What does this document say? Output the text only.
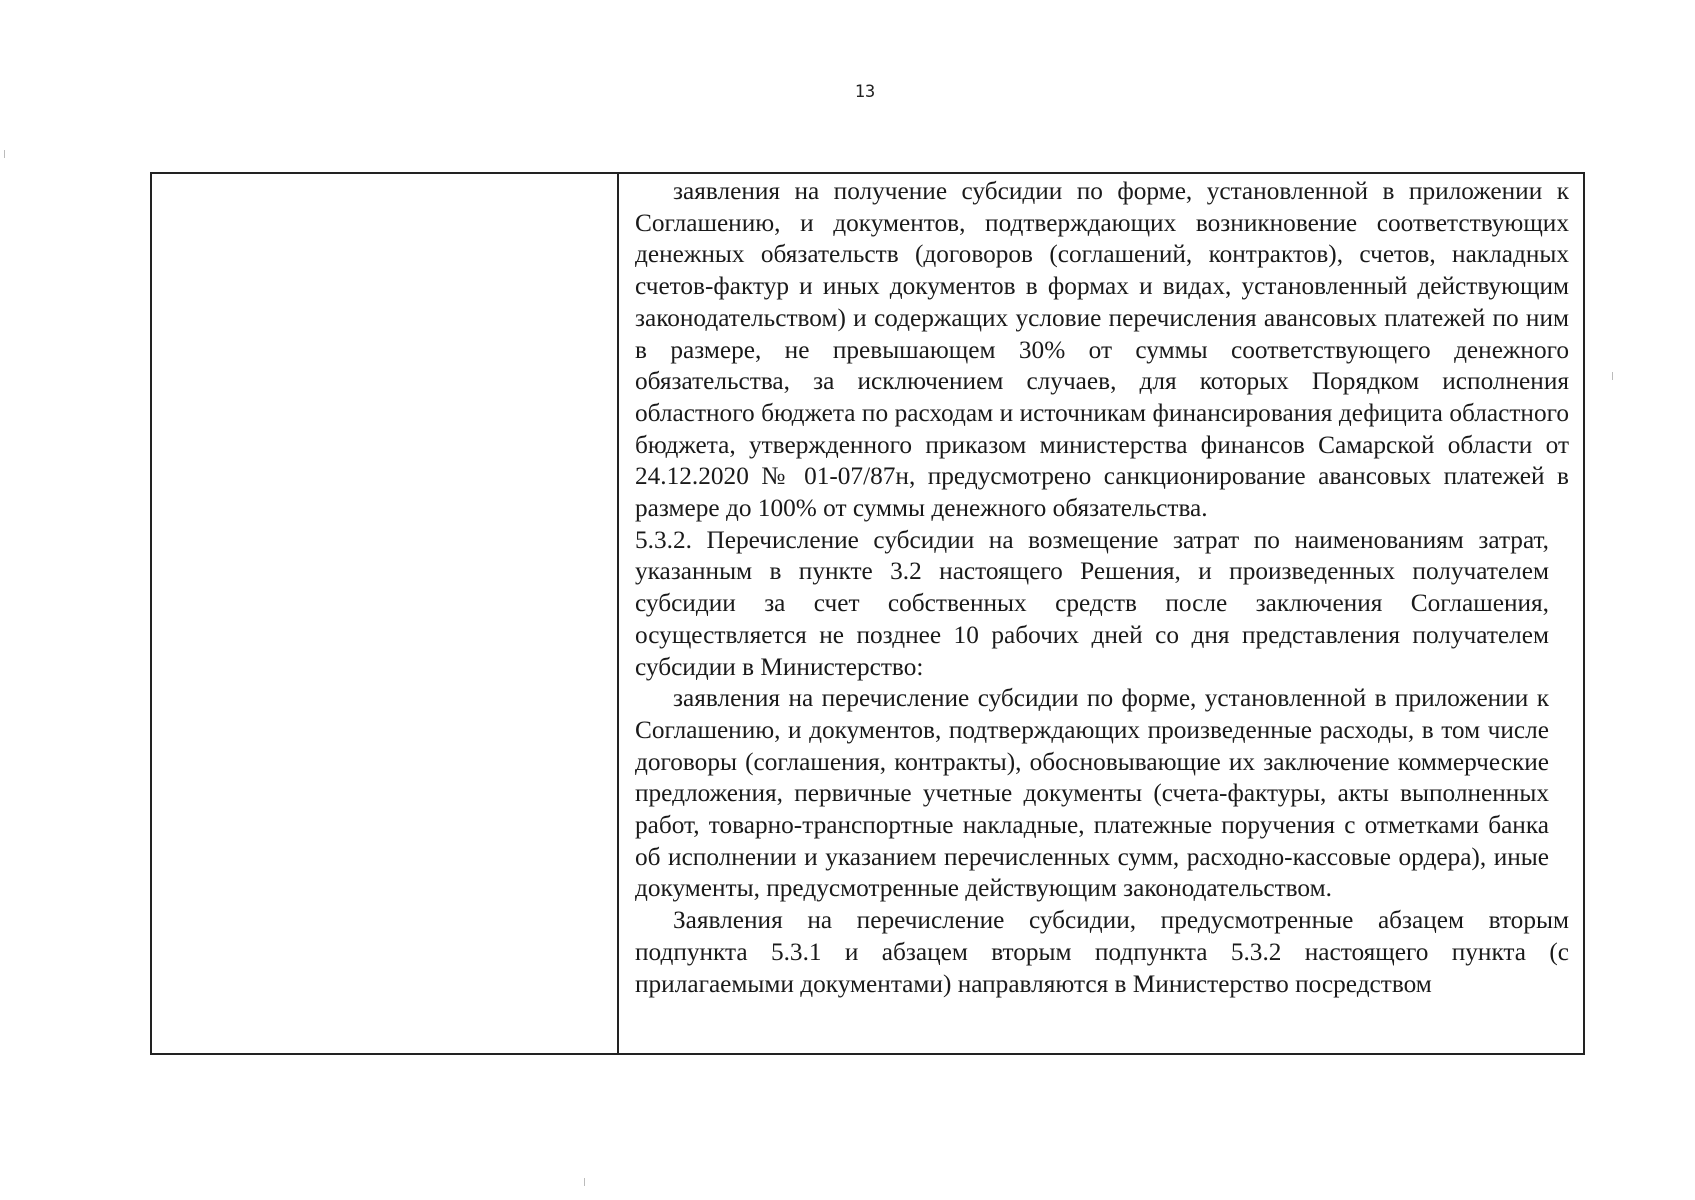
13

заявления на получение субсидии по форме, установленной в приложении к Соглашению, и документов, подтверждающих возникновение соответствующих денежных обязательств (договоров (соглашений, контрактов), счетов, накладных счетов-фактур и иных документов в формах и видах, установленный действующим законодательством) и содержащих условие перечисления авансовых платежей по ним в размере, не превышающем 30% от суммы соответствующего денежного обязательства, за исключением случаев, для которых Порядком исполнения областного бюджета по расходам и источникам финансирования дефицита областного бюджета, утвержденного приказом министерства финансов Самарской области от 24.12.2020 № 01-07/87н, предусмотрено санкционирование авансовых платежей в размере до 100% от суммы денежного обязательства.

5.3.2. Перечисление субсидии на возмещение затрат по наименованиям затрат, указанным в пункте 3.2 настоящего Решения, и произведенных получателем субсидии за счет собственных средств после заключения Соглашения, осуществляется не позднее 10 рабочих дней со дня представления получателем субсидии в Министерство:

заявления на перечисление субсидии по форме, установленной в приложении к Соглашению, и документов, подтверждающих произведенные расходы, в том числе договоры (соглашения, контракты), обосновывающие их заключение коммерческие предложения, первичные учетные документы (счета-фактуры, акты выполненных работ, товарно-транспортные накладные, платежные поручения с отметками банка об исполнении и указанием перечисленных сумм, расходно-кассовые ордера), иные документы, предусмотренные действующим законодательством.

Заявления на перечисление субсидии, предусмотренные абзацем вторым подпункта 5.3.1 и абзацем вторым подпункта 5.3.2 настоящего пункта (с прилагаемыми документами) направляются в Министерство посредством
